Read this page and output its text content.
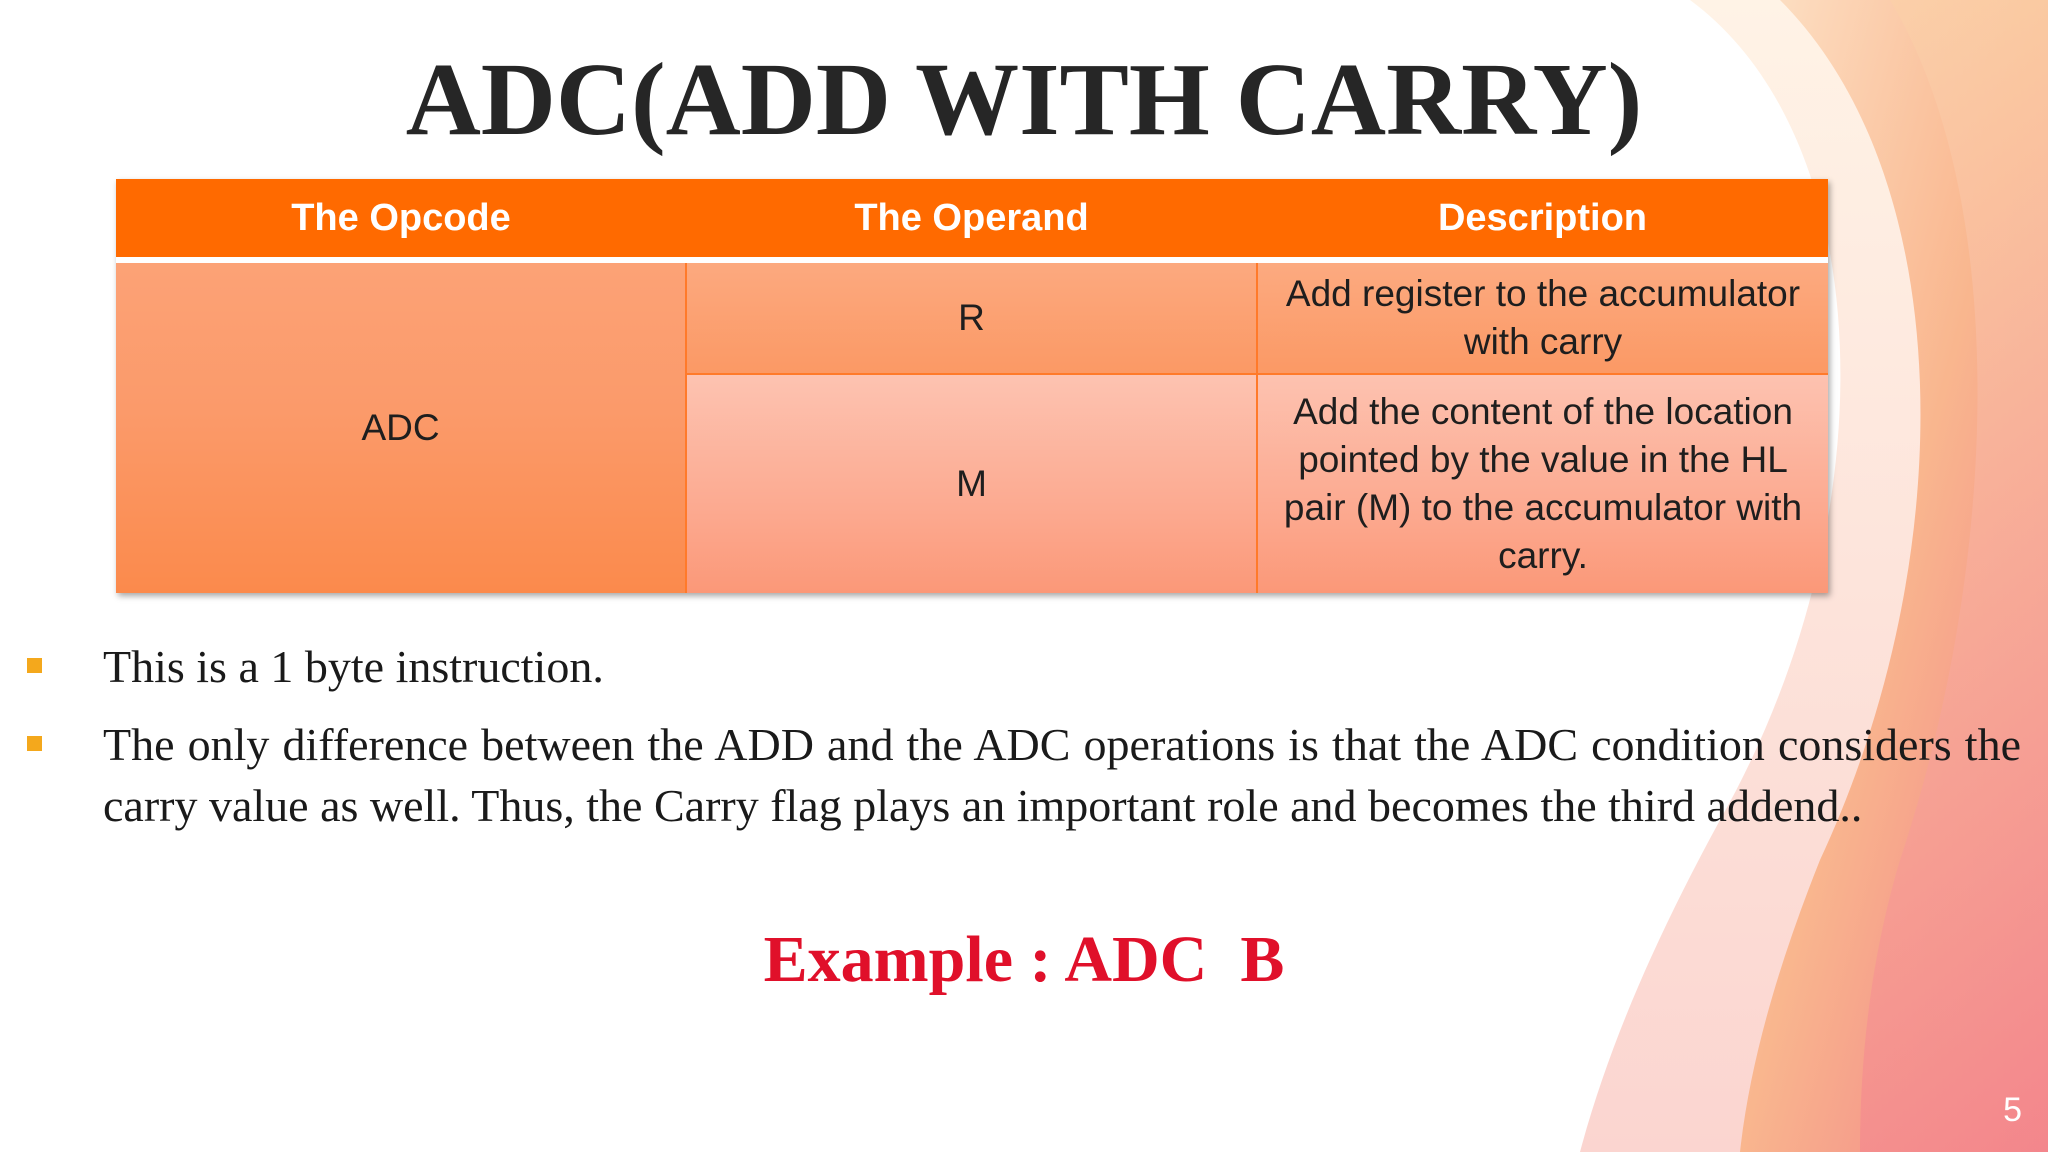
ADC(ADD WITH CARRY)
The Opcode	The Operand	Description
ADC	R	Add register to the accumulator with carry
	M	Add the content of the location pointed by the value in the HL pair (M) to the accumulator with carry.

This is a 1 byte instruction.

The only difference between the ADD and the ADC operations is that the ADC condition considers the carry value as well. Thus, the Carry flag plays an important role and becomes the third addend..

Example : ADC  B

5
